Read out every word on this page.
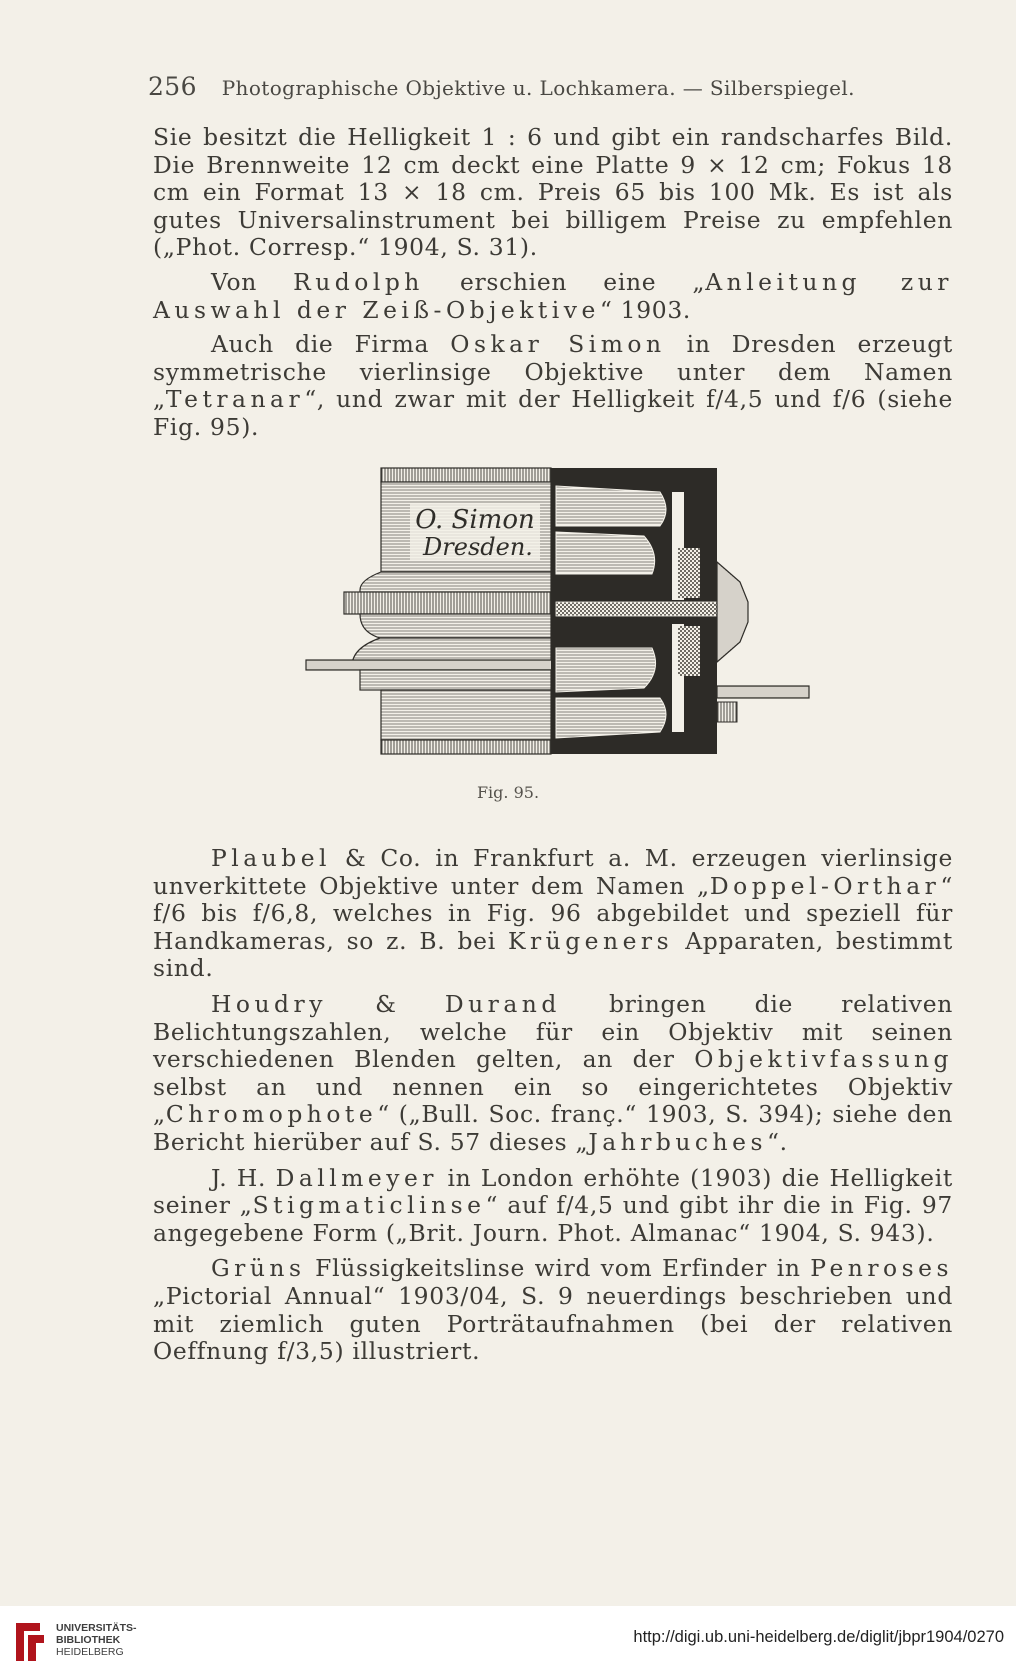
256 Photographische Objektive u. Lochkamera. — Silberspiegel.

Sie besitzt die Helligkeit 1 : 6 und gibt ein randscharfes Bild. Die Brennweite 12 cm deckt eine Platte 9 × 12 cm; Fokus 18 cm ein Format 13 × 18 cm. Preis 65 bis 100 Mk. Es ist als gutes Universalinstrument bei billigem Preise zu empfehlen („Phot. Corresp.“ 1904, S. 31).

Von Rudolph erschien eine „Anleitung zur Auswahl der Zeiß-Objektive“ 1903.

Auch die Firma Oskar Simon in Dresden erzeugt symmetrische vierlinsige Objektive unter dem Namen „Tetranar“, und zwar mit der Helligkeit f/4,5 und f/6 (siehe Fig. 95).

O. Simon
Dresden.
Fig. 95.

Plaubel & Co. in Frankfurt a. M. erzeugen vierlinsige unverkittete Objektive unter dem Namen „Doppel-Orthar“ f/6 bis f/6,8, welches in Fig. 96 abgebildet und speziell für Handkameras, so z. B. bei Krügeners Apparaten, bestimmt sind.

Houdry & Durand bringen die relativen Belichtungszahlen, welche für ein Objektiv mit seinen verschiedenen Blenden gelten, an der Objektivfassung selbst an und nennen ein so eingerichtetes Objektiv „Chromophote“ („Bull. Soc. franç.“ 1903, S. 394); siehe den Bericht hierüber auf S. 57 dieses „Jahrbuches“.

J. H. Dallmeyer in London erhöhte (1903) die Helligkeit seiner „Stigmaticlinse“ auf f/4,5 und gibt ihr die in Fig. 97 angegebene Form („Brit. Journ. Phot. Almanac“ 1904, S. 943).

Grüns Flüssigkeitslinse wird vom Erfinder in Penroses „Pictorial Annual“ 1903/04, S. 9 neuerdings beschrieben und mit ziemlich guten Porträtaufnahmen (bei der relativen Oeffnung f/3,5) illustriert.

UNIVERSITÄTS-
BIBLIOTHEK
HEIDELBERG
http://digi.ub.uni-heidelberg.de/diglit/jbpr1904/0270
